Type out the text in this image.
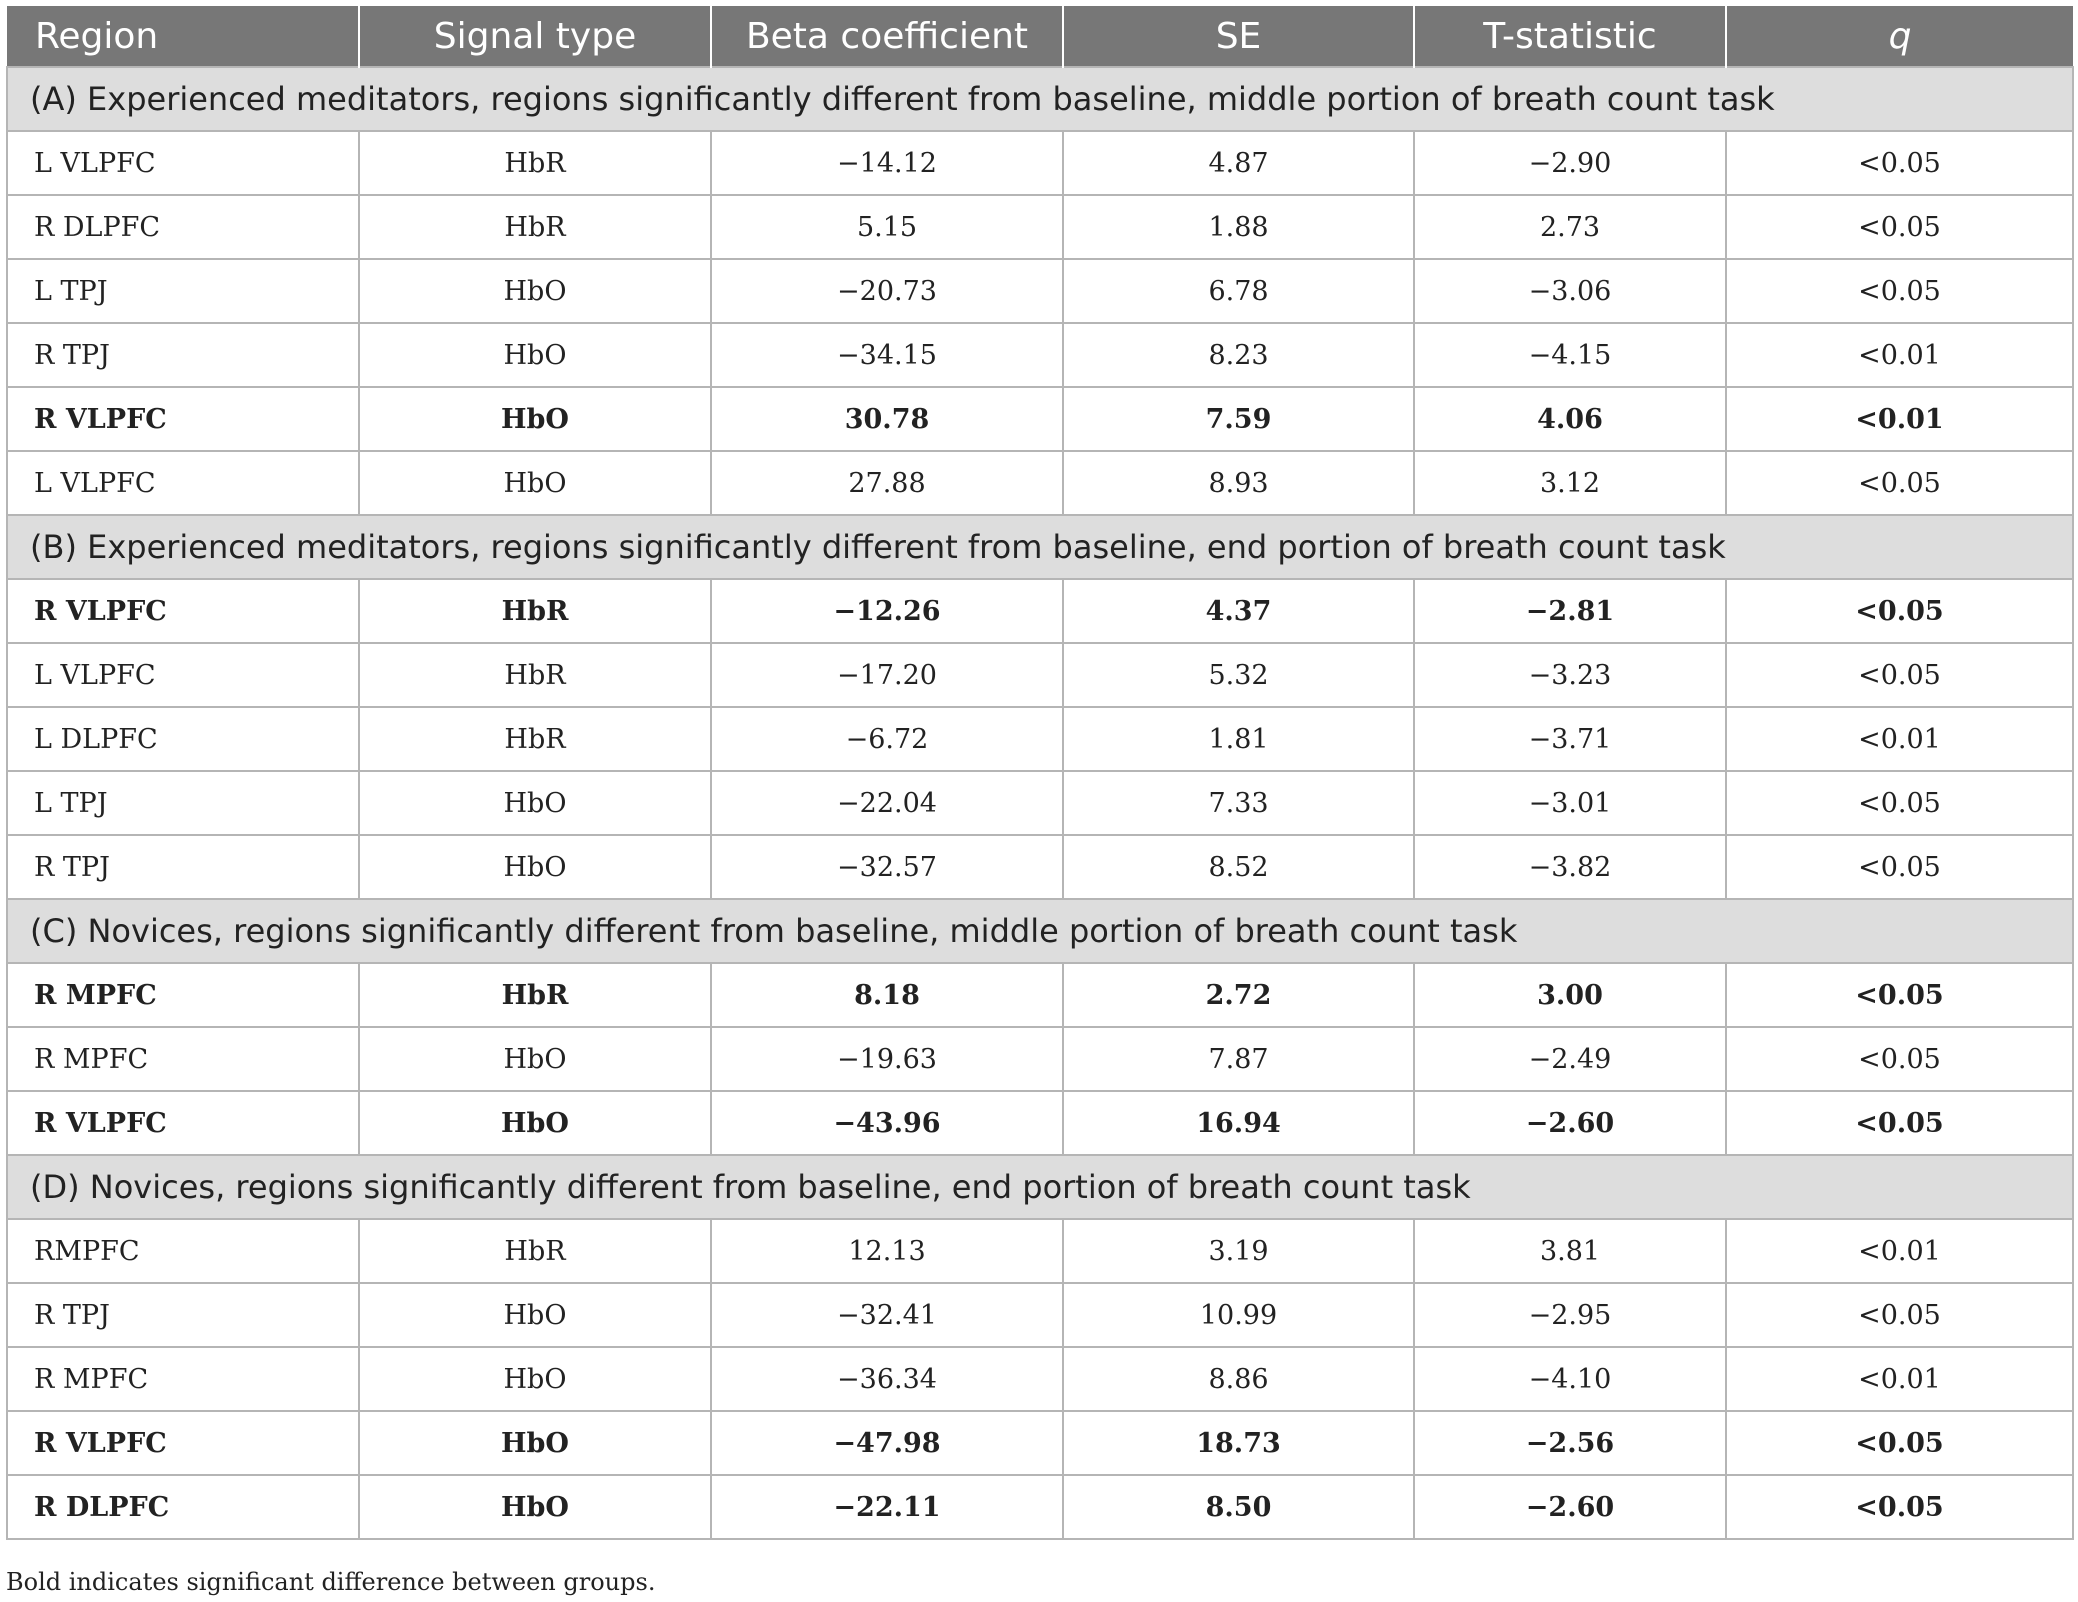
Region	Signal type	Beta coefficient	SE	T-statistic	q
(A) Experienced meditators, regions significantly different from baseline, middle portion of breath count task					
L VLPFC	HbR	−14.12	4.87	−2.90	<0.05
R DLPFC	HbR	5.15	1.88	2.73	<0.05
L TPJ	HbO	−20.73	6.78	−3.06	<0.05
R TPJ	HbO	−34.15	8.23	−4.15	<0.01
R VLPFC	HbO	30.78	7.59	4.06	<0.01
L VLPFC	HbO	27.88	8.93	3.12	<0.05
(B) Experienced meditators, regions significantly different from baseline, end portion of breath count task					
R VLPFC	HbR	−12.26	4.37	−2.81	<0.05
L VLPFC	HbR	−17.20	5.32	−3.23	<0.05
L DLPFC	HbR	−6.72	1.81	−3.71	<0.01
L TPJ	HbO	−22.04	7.33	−3.01	<0.05
R TPJ	HbO	−32.57	8.52	−3.82	<0.05
(C) Novices, regions significantly different from baseline, middle portion of breath count task					
R MPFC	HbR	8.18	2.72	3.00	<0.05
R MPFC	HbO	−19.63	7.87	−2.49	<0.05
R VLPFC	HbO	−43.96	16.94	−2.60	<0.05
(D) Novices, regions significantly different from baseline, end portion of breath count task					
RMPFC	HbR	12.13	3.19	3.81	<0.01
R TPJ	HbO	−32.41	10.99	−2.95	<0.05
R MPFC	HbO	−36.34	8.86	−4.10	<0.01
R VLPFC	HbO	−47.98	18.73	−2.56	<0.05
R DLPFC	HbO	−22.11	8.50	−2.60	<0.05
Bold indicates significant difference between groups.
